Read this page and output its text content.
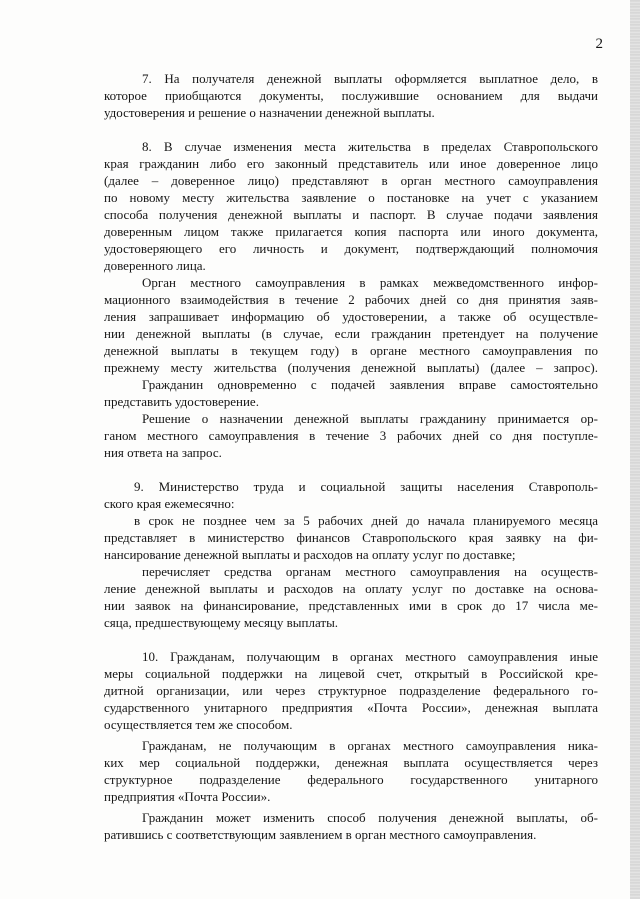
2
7. На получателя денежной выплаты оформляется выплатное дело, в
которое приобщаются документы, послужившие основанием для выдачи
удостоверения и решение о назначении денежной выплаты.
8. В случае изменения места жительства в пределах Ставропольского
края гражданин либо его законный представитель или иное доверенное лицо
(далее – доверенное лицо) представляют в орган местного самоуправления
по новому месту жительства заявление о постановке на учет с указанием
способа получения денежной выплаты и паспорт. В случае подачи заявления
доверенным лицом также прилагается копия паспорта или иного документа,
удостоверяющего его личность и документ, подтверждающий полномочия
доверенного лица.
Орган местного самоуправления в рамках межведомственного инфор-
мационного взаимодействия в течение 2 рабочих дней со дня принятия заяв-
ления запрашивает информацию об удостоверении, а также об осуществле-
нии денежной выплаты (в случае, если гражданин претендует на получение
денежной выплаты в текущем году) в органе местного самоуправления по
прежнему месту жительства (получения денежной выплаты) (далее – запрос).
Гражданин одновременно с подачей заявления вправе самостоятельно
представить удостоверение.
Решение о назначении денежной выплаты гражданину принимается ор-
ганом местного самоуправления в течение 3 рабочих дней со дня поступле-
ния ответа на запрос.
9. Министерство труда и социальной защиты населения Ставрополь-
ского края ежемесячно:
в срок не позднее чем за 5 рабочих дней до начала планируемого месяца
представляет в министерство финансов Ставропольского края заявку на фи-
нансирование денежной выплаты и расходов на оплату услуг по доставке;
перечисляет средства органам местного самоуправления на осуществ-
ление денежной выплаты и расходов на оплату услуг по доставке на основа-
нии заявок на финансирование, представленных ими в срок до 17 числа ме-
сяца, предшествующему месяцу выплаты.
10. Гражданам, получающим в органах местного самоуправления иные
меры социальной поддержки на лицевой счет, открытый в Российской кре-
дитной организации, или через структурное подразделение федерального го-
сударственного унитарного предприятия «Почта России», денежная выплата
осуществляется тем же способом.
Гражданам, не получающим в органах местного самоуправления ника-
ких мер социальной поддержки, денежная выплата осуществляется через
структурное подразделение федерального государственного унитарного
предприятия «Почта России».
Гражданин может изменить способ получения денежной выплаты, об-
ратившись с соответствующим заявлением в орган местного самоуправления.
